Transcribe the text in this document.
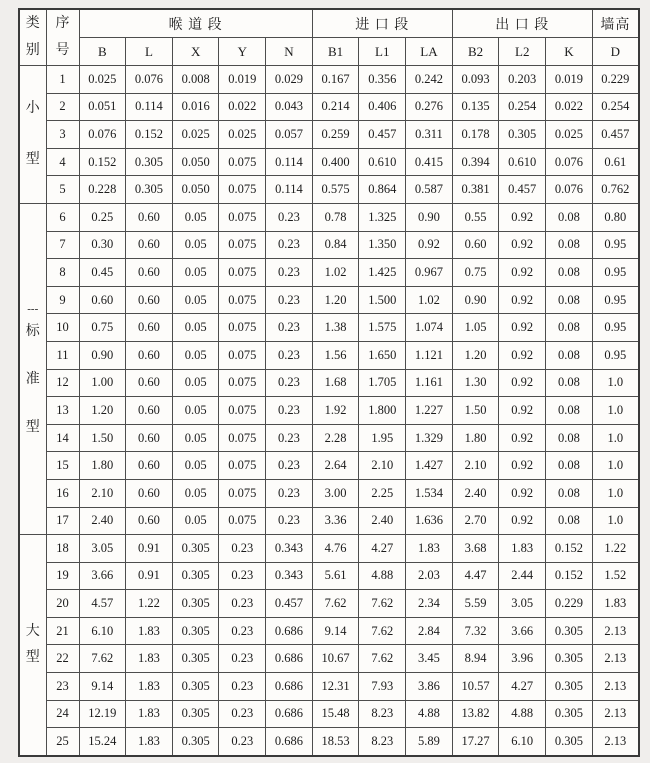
类
别	序
号	喉 道 段					进 口 段			出 口 段			墙高
		B	L	X	Y	N	B1	L1	LA	B2	L2	K	D

小
型	1	0.025	0.076	0.008	0.019	0.029	0.167	0.356	0.242	0.093	0.203	0.019	0.229
	2	0.051	0.114	0.016	0.022	0.043	0.214	0.406	0.276	0.135	0.254	0.022	0.254
	3	0.076	0.152	0.025	0.025	0.057	0.259	0.457	0.311	0.178	0.305	0.025	0.457
	4	0.152	0.305	0.050	0.075	0.114	0.400	0.610	0.415	0.394	0.610	0.076	0.61
	5	0.228	0.305	0.050	0.075	0.114	0.575	0.864	0.587	0.381	0.457	0.076	0.762

---
标
准
型	6	0.25	0.60	0.05	0.075	0.23	0.78	1.325	0.90	0.55	0.92	0.08	0.80
	7	0.30	0.60	0.05	0.075	0.23	0.84	1.350	0.92	0.60	0.92	0.08	0.95
	8	0.45	0.60	0.05	0.075	0.23	1.02	1.425	0.967	0.75	0.92	0.08	0.95
	9	0.60	0.60	0.05	0.075	0.23	1.20	1.500	1.02	0.90	0.92	0.08	0.95
	10	0.75	0.60	0.05	0.075	0.23	1.38	1.575	1.074	1.05	0.92	0.08	0.95
	11	0.90	0.60	0.05	0.075	0.23	1.56	1.650	1.121	1.20	0.92	0.08	0.95
	12	1.00	0.60	0.05	0.075	0.23	1.68	1.705	1.161	1.30	0.92	0.08	1.0
	13	1.20	0.60	0.05	0.075	0.23	1.92	1.800	1.227	1.50	0.92	0.08	1.0
	14	1.50	0.60	0.05	0.075	0.23	2.28	1.95	1.329	1.80	0.92	0.08	1.0
	15	1.80	0.60	0.05	0.075	0.23	2.64	2.10	1.427	2.10	0.92	0.08	1.0
	16	2.10	0.60	0.05	0.075	0.23	3.00	2.25	1.534	2.40	0.92	0.08	1.0
	17	2.40	0.60	0.05	0.075	0.23	3.36	2.40	1.636	2.70	0.92	0.08	1.0

大
型	18	3.05	0.91	0.305	0.23	0.343	4.76	4.27	1.83	3.68	1.83	0.152	1.22
	19	3.66	0.91	0.305	0.23	0.343	5.61	4.88	2.03	4.47	2.44	0.152	1.52
	20	4.57	1.22	0.305	0.23	0.457	7.62	7.62	2.34	5.59	3.05	0.229	1.83
	21	6.10	1.83	0.305	0.23	0.686	9.14	7.62	2.84	7.32	3.66	0.305	2.13
	22	7.62	1.83	0.305	0.23	0.686	10.67	7.62	3.45	8.94	3.96	0.305	2.13
	23	9.14	1.83	0.305	0.23	0.686	12.31	7.93	3.86	10.57	4.27	0.305	2.13
	24	12.19	1.83	0.305	0.23	0.686	15.48	8.23	4.88	13.82	4.88	0.305	2.13
	25	15.24	1.83	0.305	0.23	0.686	18.53	8.23	5.89	17.27	6.10	0.305	2.13
